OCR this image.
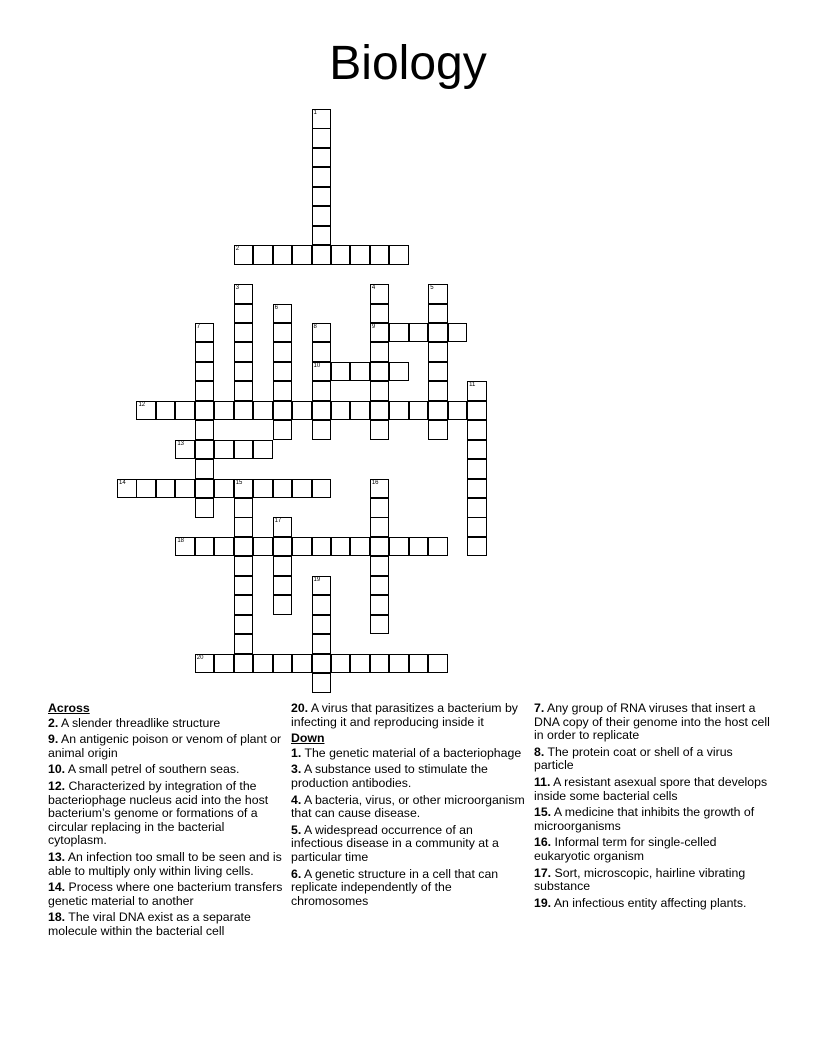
Biology
1
2
3	4
9
5
6
7	8
10
11
12
13
14	15	16
17
18
19
20
Across

2. A slender threadlike structure

9. An antigenic poison or venom of plant or animal origin

10. A small petrel of southern seas.

12. Characterized by integration of the bacteriophage nucleus acid into the host bacterium’s genome or formations of a circular replacing in the bacterial cytoplasm.

13. An infection too small to be seen and is able to multiply only within living cells.

14. Process where one bacterium transfers genetic material to another

18. The viral DNA exist as a separate molecule within the bacterial cell

20. A virus that parasitizes a bacterium by infecting it and reproducing inside it

Down

1. The genetic material of a bacteriophage

3. A substance used to stimulate the production antibodies.

4. A bacteria, virus, or other microorganism that can cause disease.

5. A widespread occurrence of an infectious disease in a community at a particular time

6. A genetic structure in a cell that can replicate independently of the chromosomes

7. Any group of RNA viruses that insert a DNA copy of their genome into the host cell in order to replicate

8. The protein coat or shell of a virus particle

11. A resistant asexual spore that develops inside some bacterial cells

15. A medicine that inhibits the growth of microorganisms

16. Informal term for single-celled eukaryotic organism

17. Sort, microscopic, hairline vibrating substance

19. An infectious entity affecting plants.
